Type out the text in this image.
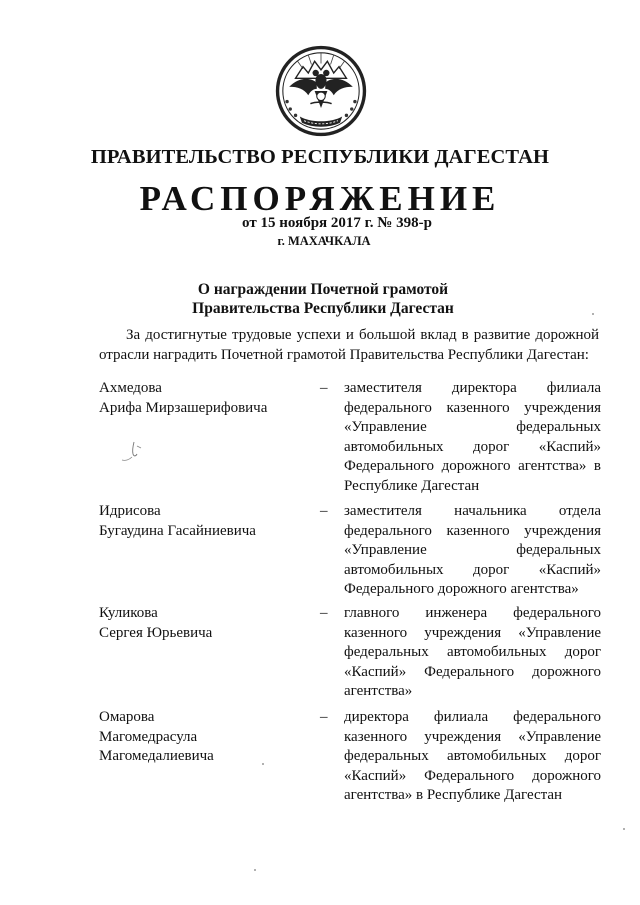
ПРАВИТЕЛЬСТВО РЕСПУБЛИКИ ДАГЕСТАН
РАСПОРЯЖЕНИЕ
от 15 ноября 2017 г. № 398-р
г. МАХАЧКАЛА
О награждении Почетной грамотой
Правительства Республики Дагестан
За достигнутые трудовые успехи и большой вклад в развитие дорожной отрасли наградить Почетной грамотой Правительства Республики Дагестан:
Ахмедова
Арифа Мирзашерифовича
–	заместителя директора филиала федерального казенного учреждения «Управление федеральных автомобильных дорог «Каспий» Федерального дорожного агентства» в Республике Дагестан
Идрисова
Бугаудина Гасайниевича
–	заместителя начальника отдела федерального казенного учреждения «Управление федеральных автомобильных дорог «Каспий» Федерального дорожного агентства»
Куликова
Сергея Юрьевича
–	главного инженера федерального казенного учреждения «Управление федеральных автомобильных дорог «Каспий» Федерального дорожного агентства»
Омарова
Магомедрасула
Магомедалиевича
–	директора филиала федерального казенного учреждения «Управление федеральных автомобильных дорог «Каспий» Федерального дорожного агентства» в Республике Дагестан
